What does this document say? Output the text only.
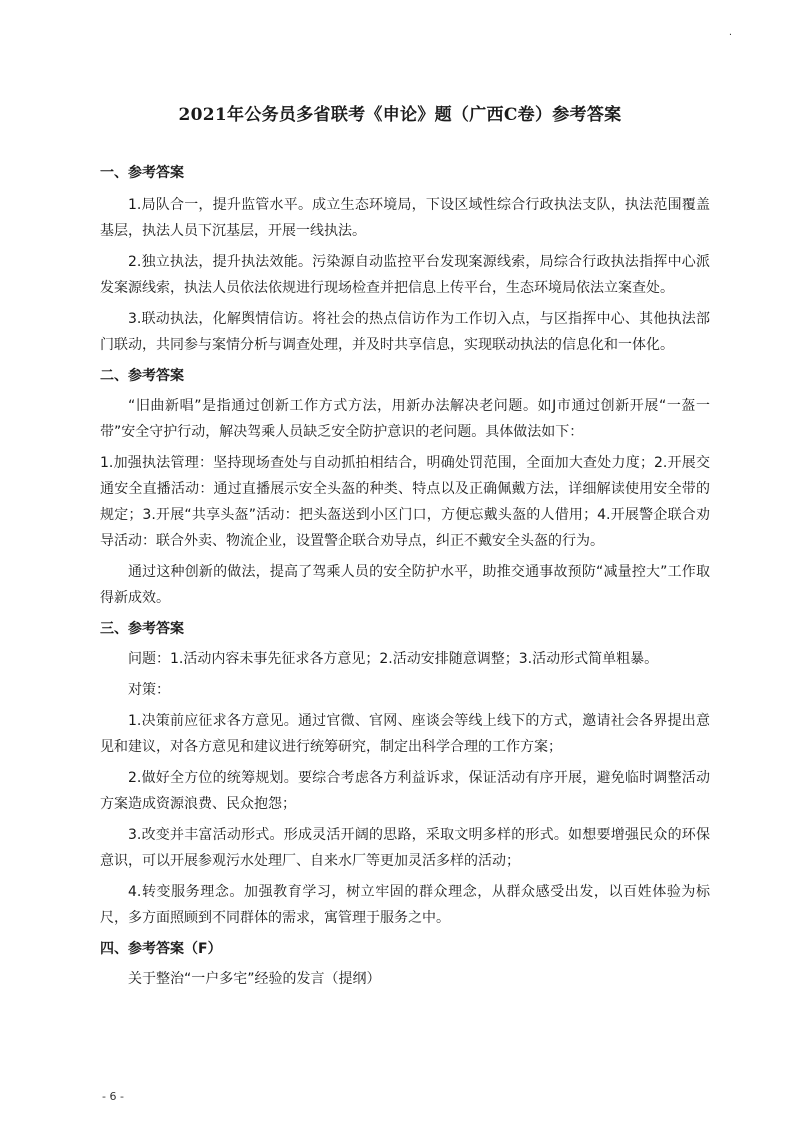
·
2021年公务员多省联考《申论》题（广西C卷）参考答案
一、参考答案

1.局队合一，提升监管水平。成立生态环境局，下设区域性综合行政执法支队，执法范围覆盖基层，执法人员下沉基层，开展一线执法。

2.独立执法，提升执法效能。污染源自动监控平台发现案源线索，局综合行政执法指挥中心派发案源线索，执法人员依法依规进行现场检查并把信息上传平台，生态环境局依法立案查处。

3.联动执法，化解舆情信访。将社会的热点信访作为工作切入点，与区指挥中心、其他执法部门联动，共同参与案情分析与调查处理，并及时共享信息，实现联动执法的信息化和一体化。

二、参考答案

“旧曲新唱”是指通过创新工作方式方法，用新办法解决老问题。如J市通过创新开展“一盔一带”安全守护行动，解决驾乘人员缺乏安全防护意识的老问题。具体做法如下：

1.加强执法管理：坚持现场查处与自动抓拍相结合，明确处罚范围，全面加大查处力度；2.开展交通安全直播活动：通过直播展示安全头盔的种类、特点以及正确佩戴方法，详细解读使用安全带的规定；3.开展“共享头盔”活动：把头盔送到小区门口，方便忘戴头盔的人借用；4.开展警企联合劝导活动：联合外卖、物流企业，设置警企联合劝导点，纠正不戴安全头盔的行为。

通过这种创新的做法，提高了驾乘人员的安全防护水平，助推交通事故预防“减量控大”工作取得新成效。

三、参考答案

问题：1.活动内容未事先征求各方意见；2.活动安排随意调整；3.活动形式简单粗暴。

对策：

1.决策前应征求各方意见。通过官微、官网、座谈会等线上线下的方式，邀请社会各界提出意见和建议，对各方意见和建议进行统筹研究，制定出科学合理的工作方案；

2.做好全方位的统筹规划。要综合考虑各方利益诉求，保证活动有序开展，避免临时调整活动方案造成资源浪费、民众抱怨；

3.改变并丰富活动形式。形成灵活开阔的思路，采取文明多样的形式。如想要增强民众的环保意识，可以开展参观污水处理厂、自来水厂等更加灵活多样的活动；

4.转变服务理念。加强教育学习，树立牢固的群众理念，从群众感受出发，以百姓体验为标尺，多方面照顾到不同群体的需求，寓管理于服务之中。

四、参考答案（F）

关于整治“一户多宅”经验的发言（提纲）

- 6 -
